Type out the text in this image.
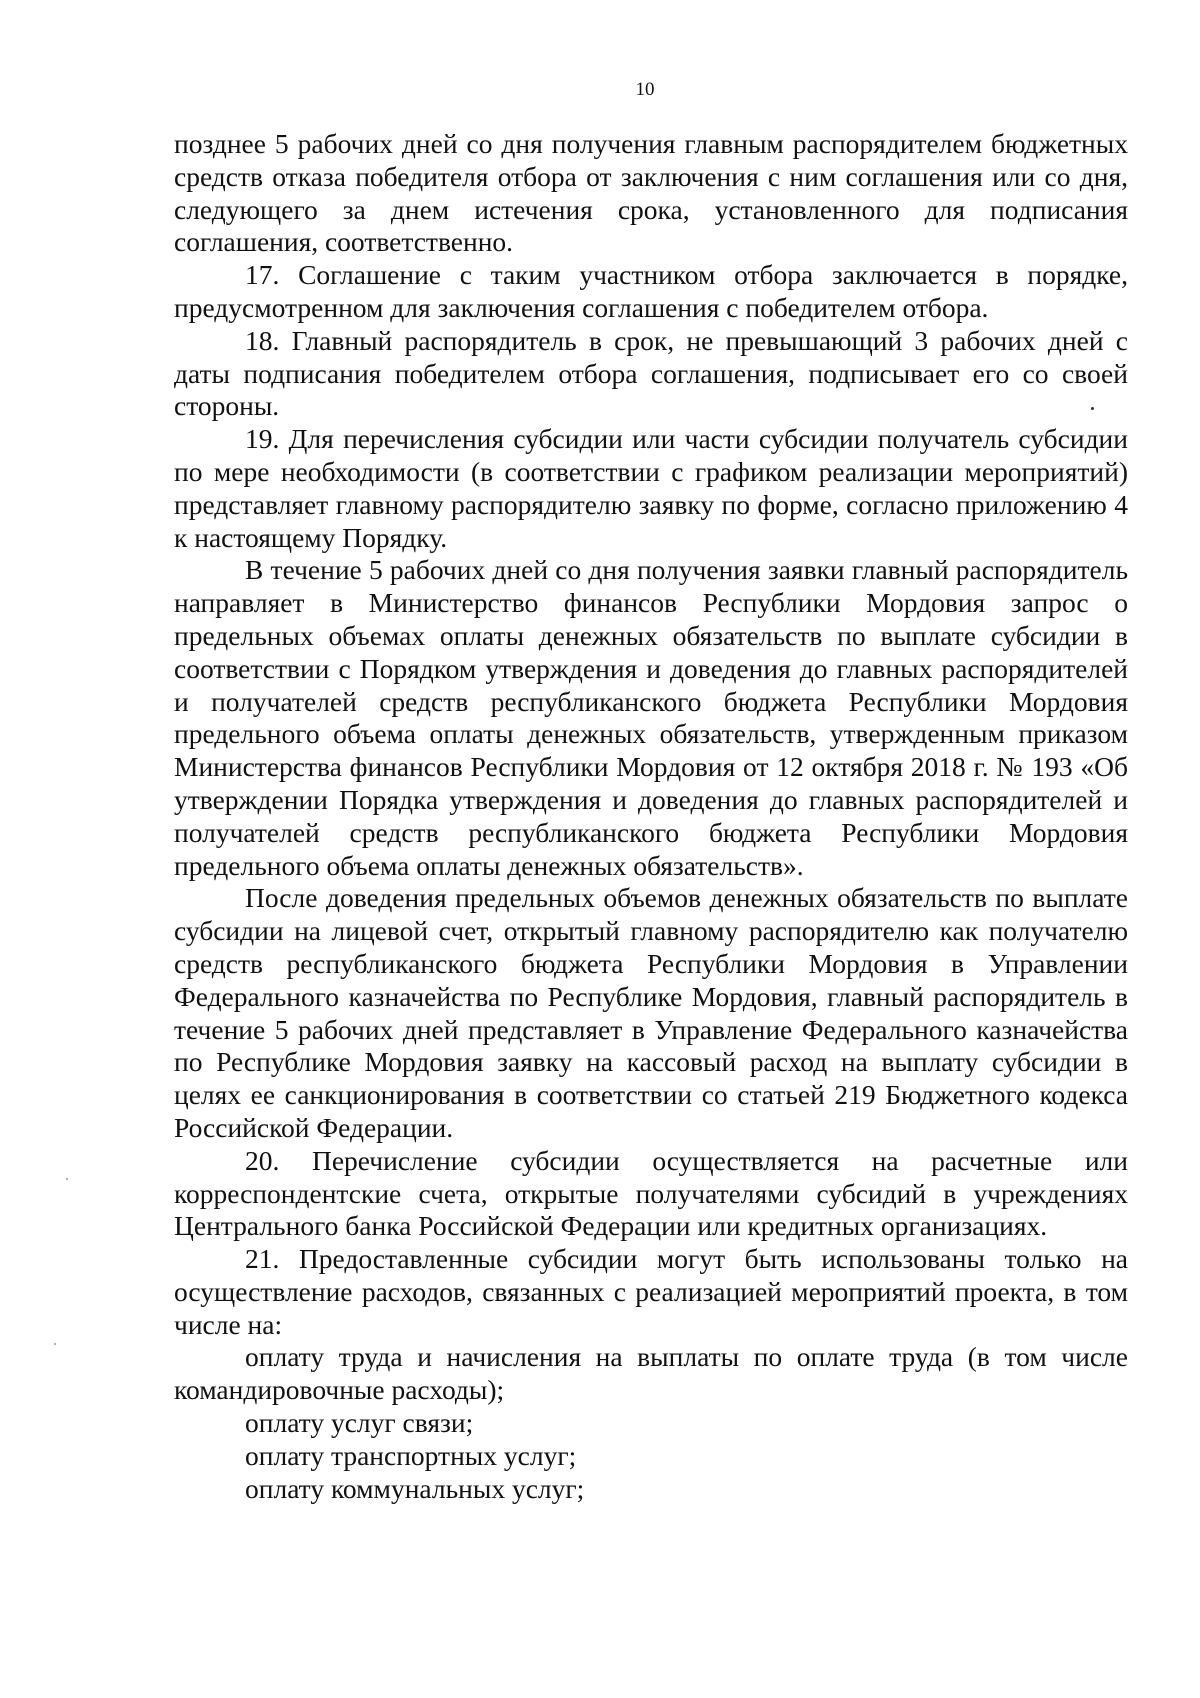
10

позднее 5 рабочих дней со дня получения главным распорядителем бюджетных средств отказа победителя отбора от заключения с ним соглашения или со дня, следующего за днем истечения срока, установленного для подписания соглашения, соответственно.

17. Соглашение с таким участником отбора заключается в порядке, предусмотренном для заключения соглашения с победителем отбора.

18. Главный распорядитель в срок, не превышающий 3 рабочих дней с даты подписания победителем отбора соглашения, подписывает его со своей стороны.

19. Для перечисления субсидии или части субсидии получатель субсидии по мере необходимости (в соответствии с графиком реализации мероприятий) представляет главному распорядителю заявку по форме, согласно приложению 4 к настоящему Порядку.

В течение 5 рабочих дней со дня получения заявки главный распорядитель направляет в Министерство финансов Республики Мордовия запрос о предельных объемах оплаты денежных обязательств по выплате субсидии в соответствии с Порядком утверждения и доведения до главных распорядителей и получателей средств республиканского бюджета Республики Мордовия предельного объема оплаты денежных обязательств, утвержденным приказом Министерства финансов Республики Мордовия от 12 октября 2018 г. № 193 «Об утверждении Порядка утверждения и доведения до главных распорядителей и получателей средств республиканского бюджета Республики Мордовия предельного объема оплаты денежных обязательств».

После доведения предельных объемов денежных обязательств по выплате субсидии на лицевой счет, открытый главному распорядителю как получателю средств республиканского бюджета Республики Мордовия в Управлении Федерального казначейства по Республике Мордовия, главный распорядитель в течение 5 рабочих дней представляет в Управление Федерального казначейства по Республике Мордовия заявку на кассовый расход на выплату субсидии в целях ее санкционирования в соответствии со статьей 219 Бюджетного кодекса Российской Федерации.

20. Перечисление субсидии осуществляется на расчетные или корреспондентские счета, открытые получателями субсидий в учреждениях Центрального банка Российской Федерации или кредитных организациях.

21. Предоставленные субсидии могут быть использованы только на осуществление расходов, связанных с реализацией мероприятий проекта, в том числе на:

оплату труда и начисления на выплаты по оплате труда (в том числе командировочные расходы);

оплату услуг связи;

оплату транспортных услуг;

оплату коммунальных услуг;
